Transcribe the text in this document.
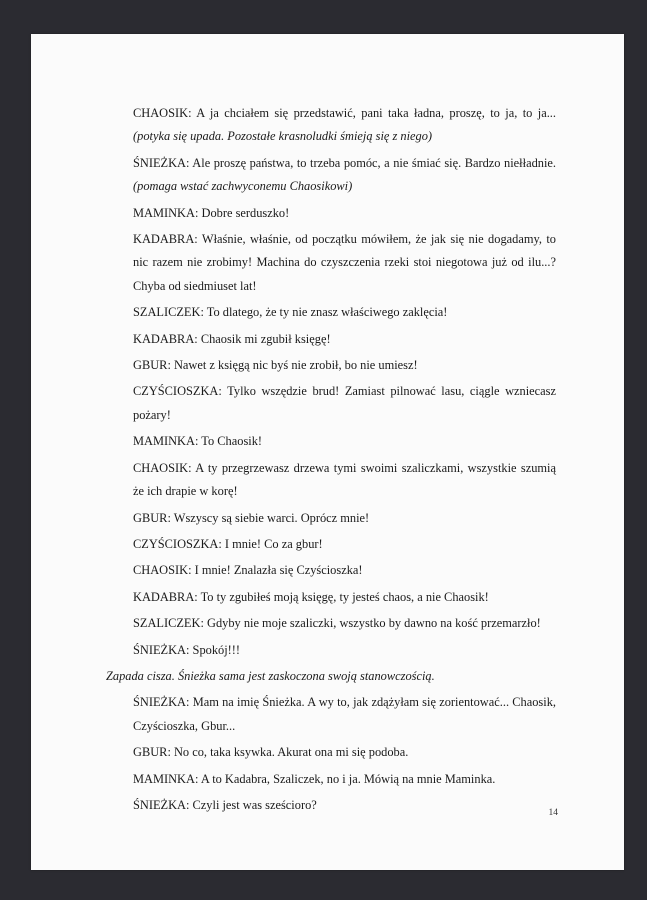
CHAOSIK: A ja chciałem się przedstawić, pani taka ładna, proszę, to ja, to ja... (potyka się upada. Pozostałe krasnoludki śmieją się z niego)

ŚNIEŻKA: Ale proszę państwa, to trzeba pomóc, a nie śmiać się. Bardzo niełładnie. (pomaga wstać zachwyconemu Chaosikowi)

MAMINKA: Dobre serduszko!

KADABRA: Właśnie, właśnie, od początku mówiłem, że jak się nie dogadamy, to nic razem nie zrobimy! Machina do czyszczenia rzeki stoi niegotowa już od ilu...? Chyba od siedmiuset lat!

SZALICZEK: To dlatego, że ty nie znasz właściwego zaklęcia!

KADABRA: Chaosik mi zgubił księgę!

GBUR: Nawet z księgą nic byś nie zrobił, bo nie umiesz!

CZYŚCIOSZKA: Tylko wszędzie brud! Zamiast pilnować lasu, ciągle wzniecasz pożary!

MAMINKA: To Chaosik!

CHAOSIK: A ty przegrzewasz drzewa tymi swoimi szaliczkami, wszystkie szumią że ich drapie w korę!

GBUR: Wszyscy są siebie warci. Oprócz mnie!

CZYŚCIOSZKA: I mnie! Co za gbur!

CHAOSIK: I mnie! Znalazła się Czyścioszka!

KADABRA: To ty zgubiłeś moją księgę, ty jesteś chaos, a nie Chaosik!

SZALICZEK: Gdyby nie moje szaliczki, wszystko by dawno na kość przemarzło!

ŚNIEŻKA: Spokój!!!

Zapada cisza. Śnieżka sama jest zaskoczona swoją stanowczością.

ŚNIEŻKA: Mam na imię Śnieżka. A wy to, jak zdążyłam się zorientować... Chaosik, Czyścioszka, Gbur...

GBUR: No co, taka ksywka. Akurat ona mi się podoba.

MAMINKA: A to Kadabra, Szaliczek, no i ja. Mówią na mnie Maminka.

ŚNIEŻKA: Czyli jest was sześcioro?

14
